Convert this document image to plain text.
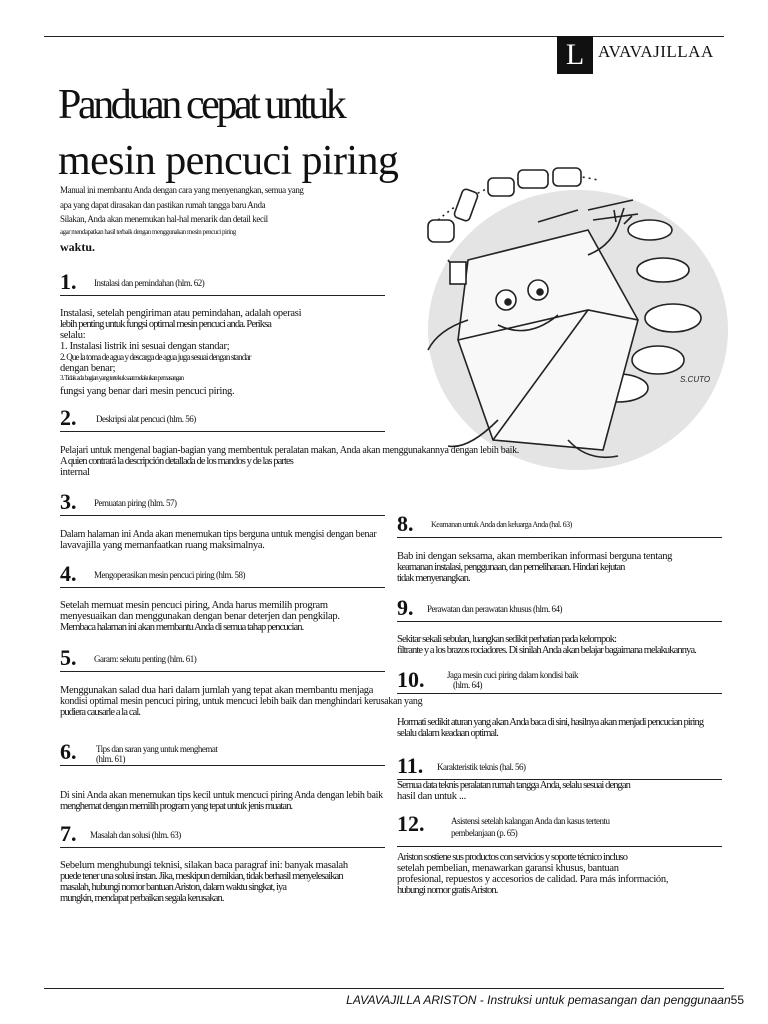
L AVAVAJILLAA
Panduan cepat untuk
mesin pencuci piring
Manual ini membantu Anda dengan cara yang menyenangkan, semua yang
apa yang dapat dirasakan dan pastikan rumah tangga baru Anda
Silakan, Anda akan menemukan hal-hal menarik dan detail kecil
agar mendapatkan hasil terbaik dengan menggunakan mesin pencuci piring
waktu.
S.CUTO
1. Instalasi dan pemindahan (hlm. 62)

Instalasi, setelah pengiriman atau pemindahan, adalah operasi

lebih penting untuk fungsi optimal mesin pencuci anda. Periksa

selalu:

1. Instalasi listrik ini sesuai dengan standar;

2. Que la toma de agua y descarga de agua juga sesuai dengan standar

dengan benar;

3. Tidak ada bagian yang tertekuk saat melakukan pemasangan

fungsi yang benar dari mesin pencuci piring.

2. Deskripsi alat pencuci (hlm. 56)

Pelajari untuk mengenal bagian-bagian yang membentuk peralatan makan, Anda akan menggunakannya dengan lebih baik.

A quien contrará la descripción detallada de los mandos y de las partes

internal

3. Pemuatan piring (hlm. 57)

Dalam halaman ini Anda akan menemukan tips berguna untuk mengisi dengan benar

lavavajilla yang memanfaatkan ruang maksimalnya.

4. Mengoperasikan mesin pencuci piring (hlm. 58)

Setelah memuat mesin pencuci piring, Anda harus memilih program

menyesuaikan dan menggunakan dengan benar deterjen dan pengkilap.

Membaca halaman ini akan membantu Anda di semua tahap pencucian.

5. Garam: sekutu penting (hlm. 61)

Menggunakan salad dua hari dalam jumlah yang tepat akan membantu menjaga

kondisi optimal mesin pencuci piring, untuk mencuci lebih baik dan menghindari kerusakan yang

pudiera causarle a la cal.

6. Tips dan saran yang untuk menghemat
(hlm. 61)

Di sini Anda akan menemukan tips kecil untuk mencuci piring Anda dengan lebih baik

menghemat dengan memilih program yang tepat untuk jenis muatan.

7. Masalah dan solusi (hlm. 63)

Sebelum menghubungi teknisi, silakan baca paragraf ini: banyak masalah

puede tener una solusi instan. Jika, meskipun demikian, tidak berhasil menyelesaikan

masalah, hubungi nomor bantuan Ariston, dalam waktu singkat, iya

mungkin, mendapat perbaikan segala kerusakan.

8. Keamanan untuk Anda dan keluarga Anda (hal. 63)

Bab ini dengan seksama, akan memberikan informasi berguna tentang

keamanan instalasi, penggunaan, dan pemeliharaan. Hindari kejutan

tidak menyenangkan.

9. Perawatan dan perawatan khusus (hlm. 64)

Sekitar sekali sebulan, luangkan sedikit perhatian pada kelompok:

filtrante y a los brazos rociadores. Di sinilah Anda akan belajar bagaimana melakukannya.

10.	Jaga mesin cuci piring dalam kondisi baik
(hlm. 64)

Hormati sedikit aturan yang akan Anda baca di sini, hasilnya akan menjadi pencucian piring

selalu dalam keadaan optimal.

11. Karakteristik teknis (hal. 56)

Semua data teknis peralatan rumah tangga Anda, selalu sesuai dengan

hasil dan untuk ...

12.	Asistensi setelah kalangan Anda dan kasus tertentu
pembelanjaan (p. 65)

Ariston sostiene sus productos con servicios y soporte técnico incluso

setelah pembelian, menawarkan garansi khusus, bantuan

profesional, repuestos y accesorios de calidad. Para más información,

hubungi nomor gratis Ariston.

LAVAVAJILLA ARISTON - Instruksi untuk pemasangan dan penggunaan55
